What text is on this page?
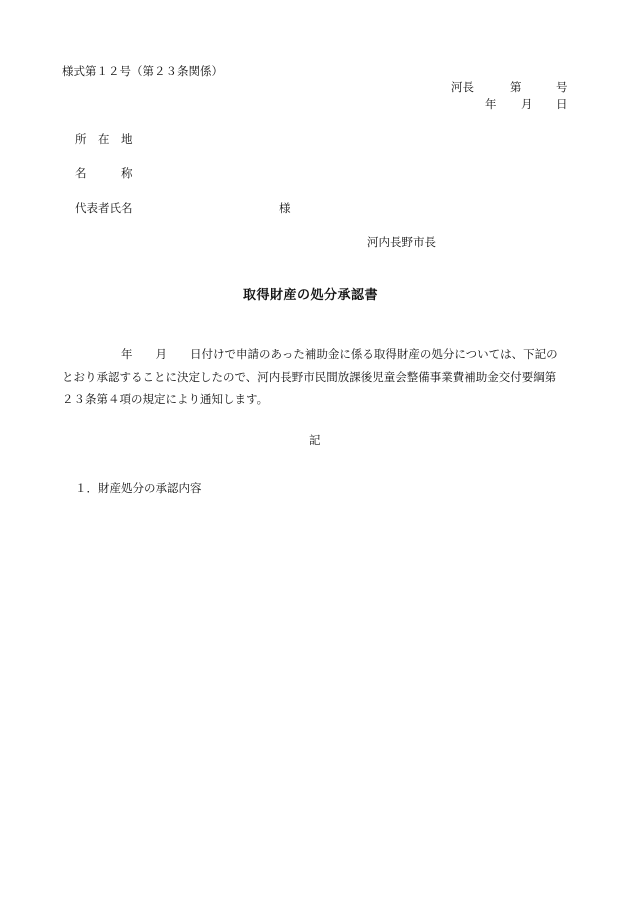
様式第１２号（第２３条関係）
河長	第	号
年 月 日
所　在　地
名　　　称
代表者氏名	様
河内長野市長
取得財産の処分承認書

年 月 日付けで申請のあった補助金に係る取得財産の処分については、下記の

とおり承認することに決定したので、河内長野市民間放課後児童会整備事業費補助金交付要綱第

２３条第４項の規定により通知します。

記
１．財産処分の承認内容
